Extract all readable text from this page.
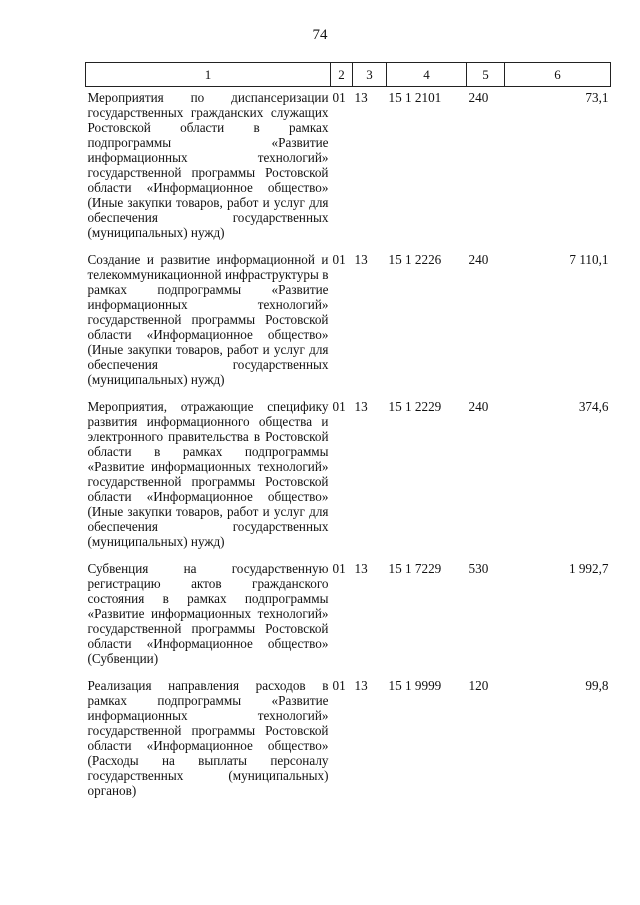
74
1	2	3	4	5	6
Мероприятия по диспансеризации государственных гражданских служащих Ростовской области в рамках подпрограммы «Развитие информационных технологий» государственной программы Ростовской области «Информационное общество» (Иные закупки товаров, работ и услуг для обеспечения государственных (муниципальных) нужд)	01	13	15 1 2101	240	73,1
Создание и развитие информационной и телекоммуникационной инфраструктуры в рамках подпрограммы «Развитие информационных технологий» государственной программы Ростовской области «Информационное общество» (Иные закупки товаров, работ и услуг для обеспечения государственных (муниципальных) нужд)	01	13	15 1 2226	240	7 110,1
Мероприятия, отражающие специфику развития информационного общества и электронного правительства в Ростовской области в рамках подпрограммы «Развитие информационных технологий» государственной программы Ростовской области «Информационное общество» (Иные закупки товаров, работ и услуг для обеспечения государственных (муниципальных) нужд)	01	13	15 1 2229	240	374,6
Субвенция на государственную регистрацию актов гражданского состояния в рамках подпрограммы «Развитие информационных технологий» государственной программы Ростовской области «Информационное общество» (Субвенции)	01	13	15 1 7229	530	1 992,7
Реализация направления расходов в рамках подпрограммы «Развитие информационных технологий» государственной программы Ростовской области «Информационное общество» (Расходы на выплаты персоналу государственных (муниципальных) органов)	01	13	15 1 9999	120	99,8
